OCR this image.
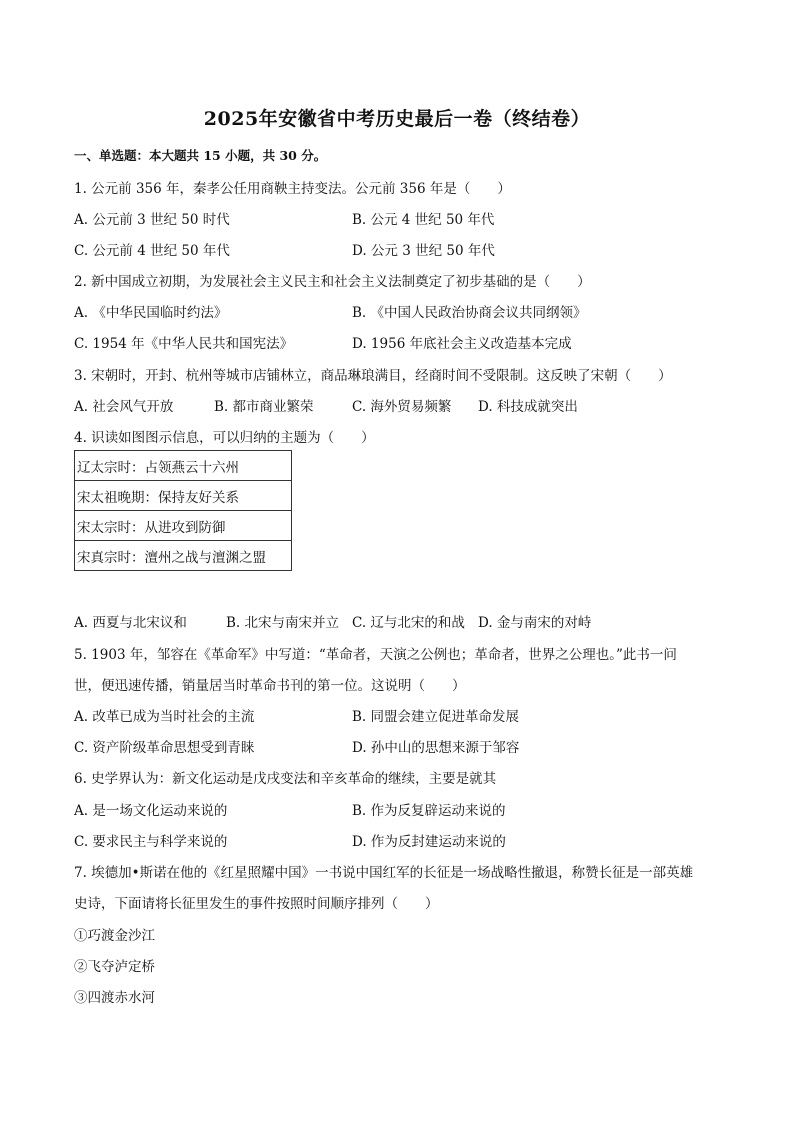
2025年安徽省中考历史最后一卷（终结卷）
一、单选题：本大题共 15 小题，共 30 分。
1. 公元前 356 年，秦孝公任用商鞅主持变法。公元前 356 年是（　　）
A. 公元前 3 世纪 50 时代	B. 公元 4 世纪 50 年代
C. 公元前 4 世纪 50 年代	D. 公元 3 世纪 50 年代
2. 新中国成立初期，为发展社会主义民主和社会主义法制奠定了初步基础的是（　　）
A. 《中华民国临时约法》	B. 《中国人民政治协商会议共同纲领》
C. 1954 年《中华人民共和国宪法》	D. 1956 年底社会主义改造基本完成
3. 宋朝时，开封、杭州等城市店铺林立，商品琳琅满目，经商时间不受限制。这反映了宋朝（　　）
A. 社会风气开放	B. 都市商业繁荣	C. 海外贸易频繁 D. 科技成就突出
4. 识读如图图示信息，可以归纳的主题为（　　）
辽太宗时：占领燕云十六州
宋太祖晚期：保持友好关系
宋太宗时：从进攻到防御
宋真宗时：澶州之战与澶渊之盟
A. 西夏与北宋议和	B. 北宋与南宋并立 C. 辽与北宋的和战 D. 金与南宋的对峙
5. 1903 年，邹容在《革命军》中写道：“革命者，天演之公例也；革命者，世界之公理也。”此书一问
世，便迅速传播，销量居当时革命书刊的第一位。这说明（　　）
A. 改革已成为当时社会的主流	B. 同盟会建立促进革命发展
C. 资产阶级革命思想受到青睐	D. 孙中山的思想来源于邹容
6. 史学界认为：新文化运动是戊戌变法和辛亥革命的继续，主要是就其
A. 是一场文化运动来说的	B. 作为反复辟运动来说的
C. 要求民主与科学来说的	D. 作为反封建运动来说的
7. 埃德加•斯诺在他的《红星照耀中国》一书说中国红军的长征是一场战略性撤退，称赞长征是一部英雄
史诗，下面请将长征里发生的事件按照时间顺序排列（　　）
①巧渡金沙江
②飞夺泸定桥
③四渡赤水河
